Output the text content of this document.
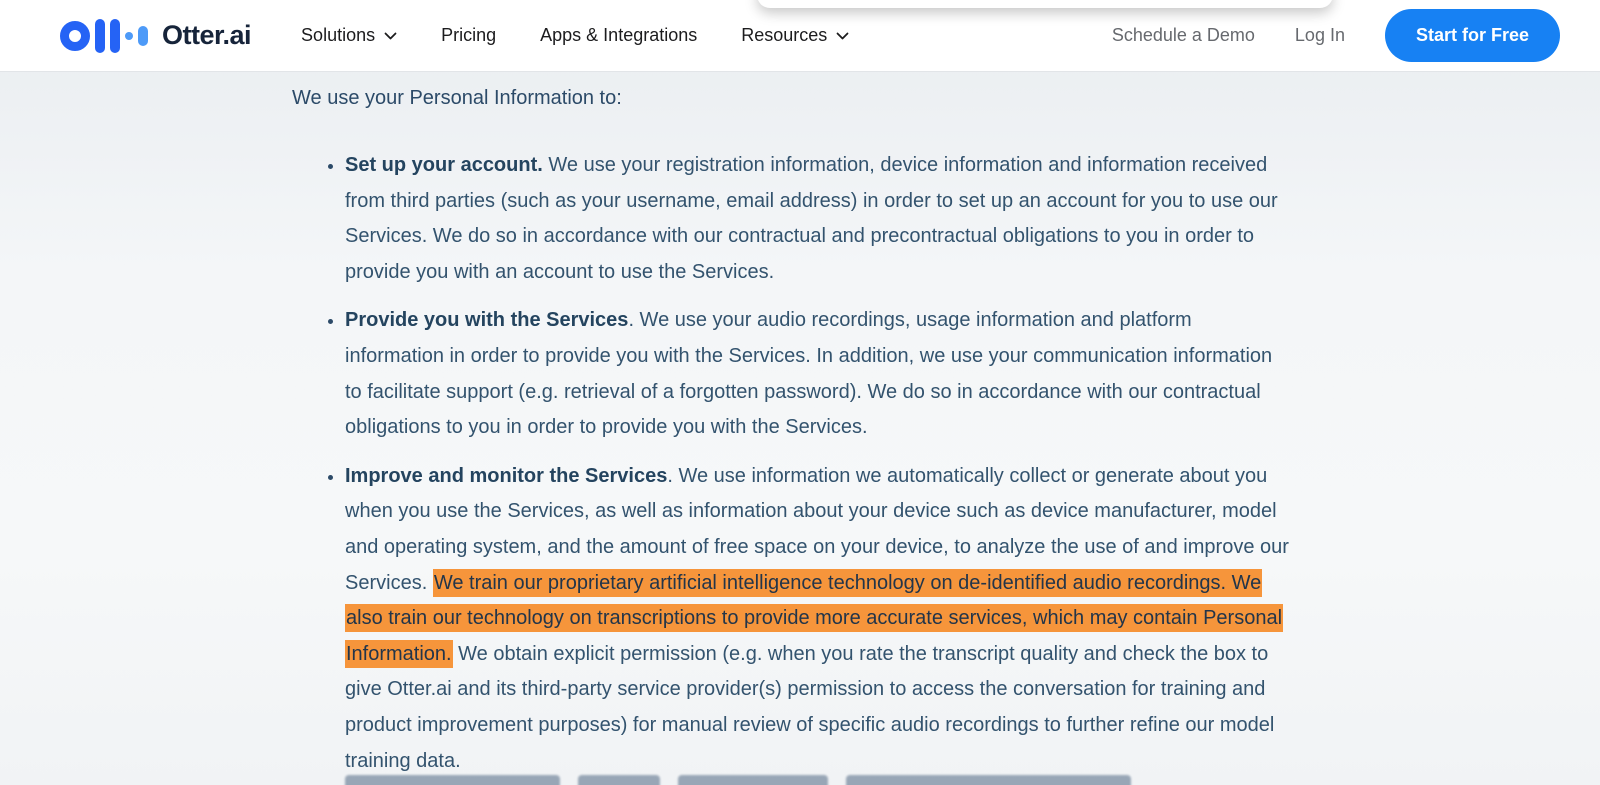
Otter.ai	Solutions	Pricing Apps & Integrations Resources	Schedule a Demo Log In	Start for Free

We use your Personal Information to:

• Set up your account. We use your registration information, device information and information received from third parties (such as your username, email address) in order to set up an account for you to use our Services. We do so in accordance with our contractual and precontractual obligations to you in order to provide you with an account to use the Services.
• Provide you with the Services. We use your audio recordings, usage information and platform information in order to provide you with the Services. In addition, we use your communication information to facilitate support (e.g. retrieval of a forgotten password). We do so in accordance with our contractual obligations to you in order to provide you with the Services.
• Improve and monitor the Services. We use information we automatically collect or generate about you when you use the Services, as well as information about your device such as device manufacturer, model and operating system, and the amount of free space on your device, to analyze the use of and improve our Services. We train our proprietary artificial intelligence technology on de-identified audio recordings. We also train our technology on transcriptions to provide more accurate services, which may contain Personal Information. We obtain explicit permission (e.g. when you rate the transcript quality and check the box to give Otter.ai and its third-party service provider(s) permission to access the conversation for training and product improvement purposes) for manual review of specific audio recordings to further refine our model training data.
